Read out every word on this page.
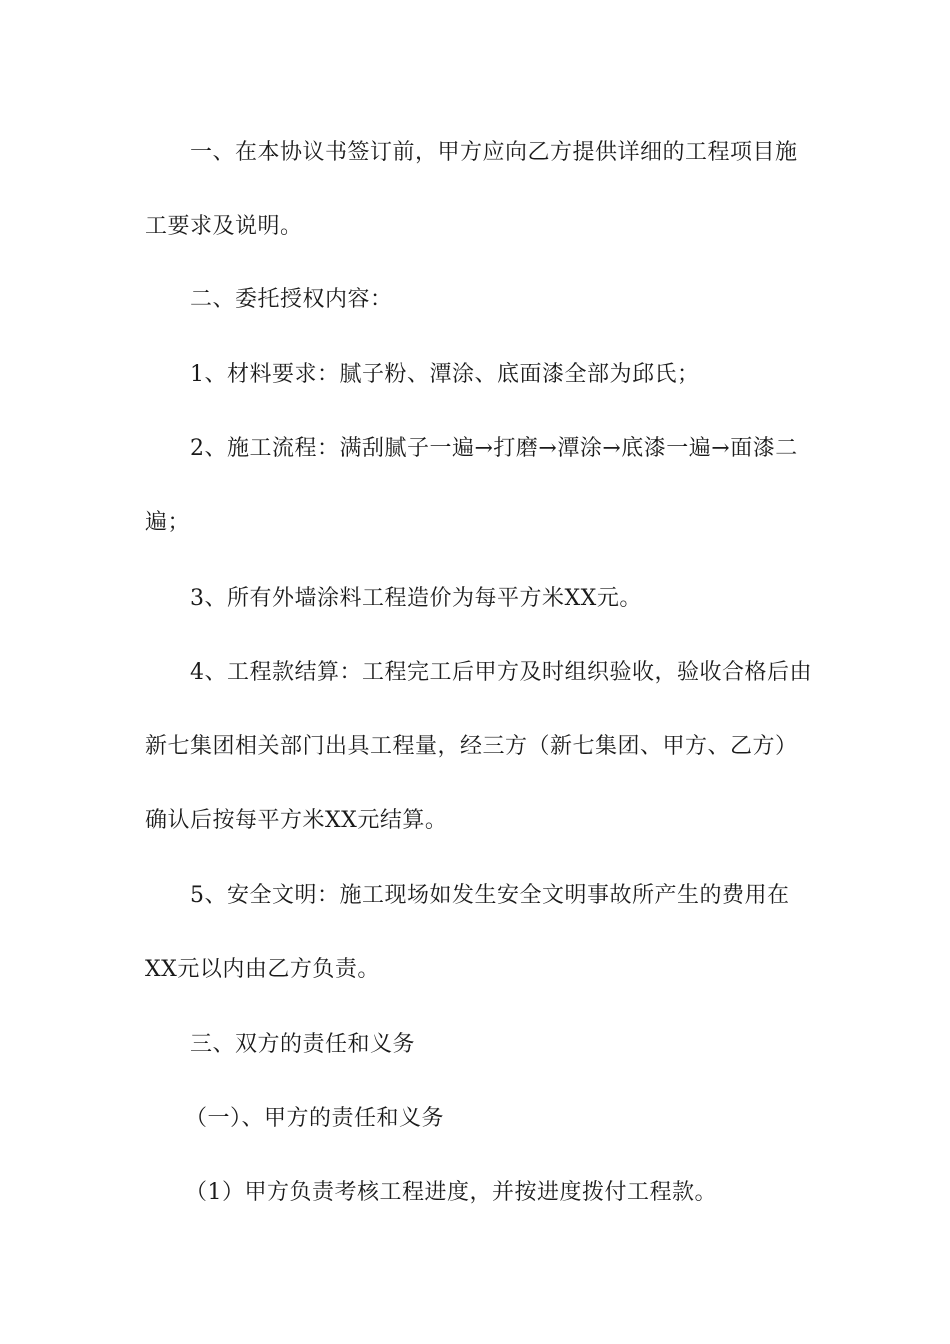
一、在本协议书签订前，甲方应向乙方提供详细的工程项目施
工要求及说明。
二、委托授权内容：
1、材料要求：腻子粉、潭涂、底面漆全部为邱氏；
2、施工流程：满刮腻子一遍→打磨→潭涂→底漆一遍→面漆二
遍；
3、所有外墙涂料工程造价为每平方米XX元。
4、工程款结算：工程完工后甲方及时组织验收，验收合格后由
新七集团相关部门出具工程量，经三方（新七集团、甲方、乙方）
确认后按每平方米XX元结算。
5、安全文明：施工现场如发生安全文明事故所产生的费用在
XX元以内由乙方负责。
三、双方的责任和义务
（一）、甲方的责任和义务
（1）甲方负责考核工程进度，并按进度拨付工程款。
